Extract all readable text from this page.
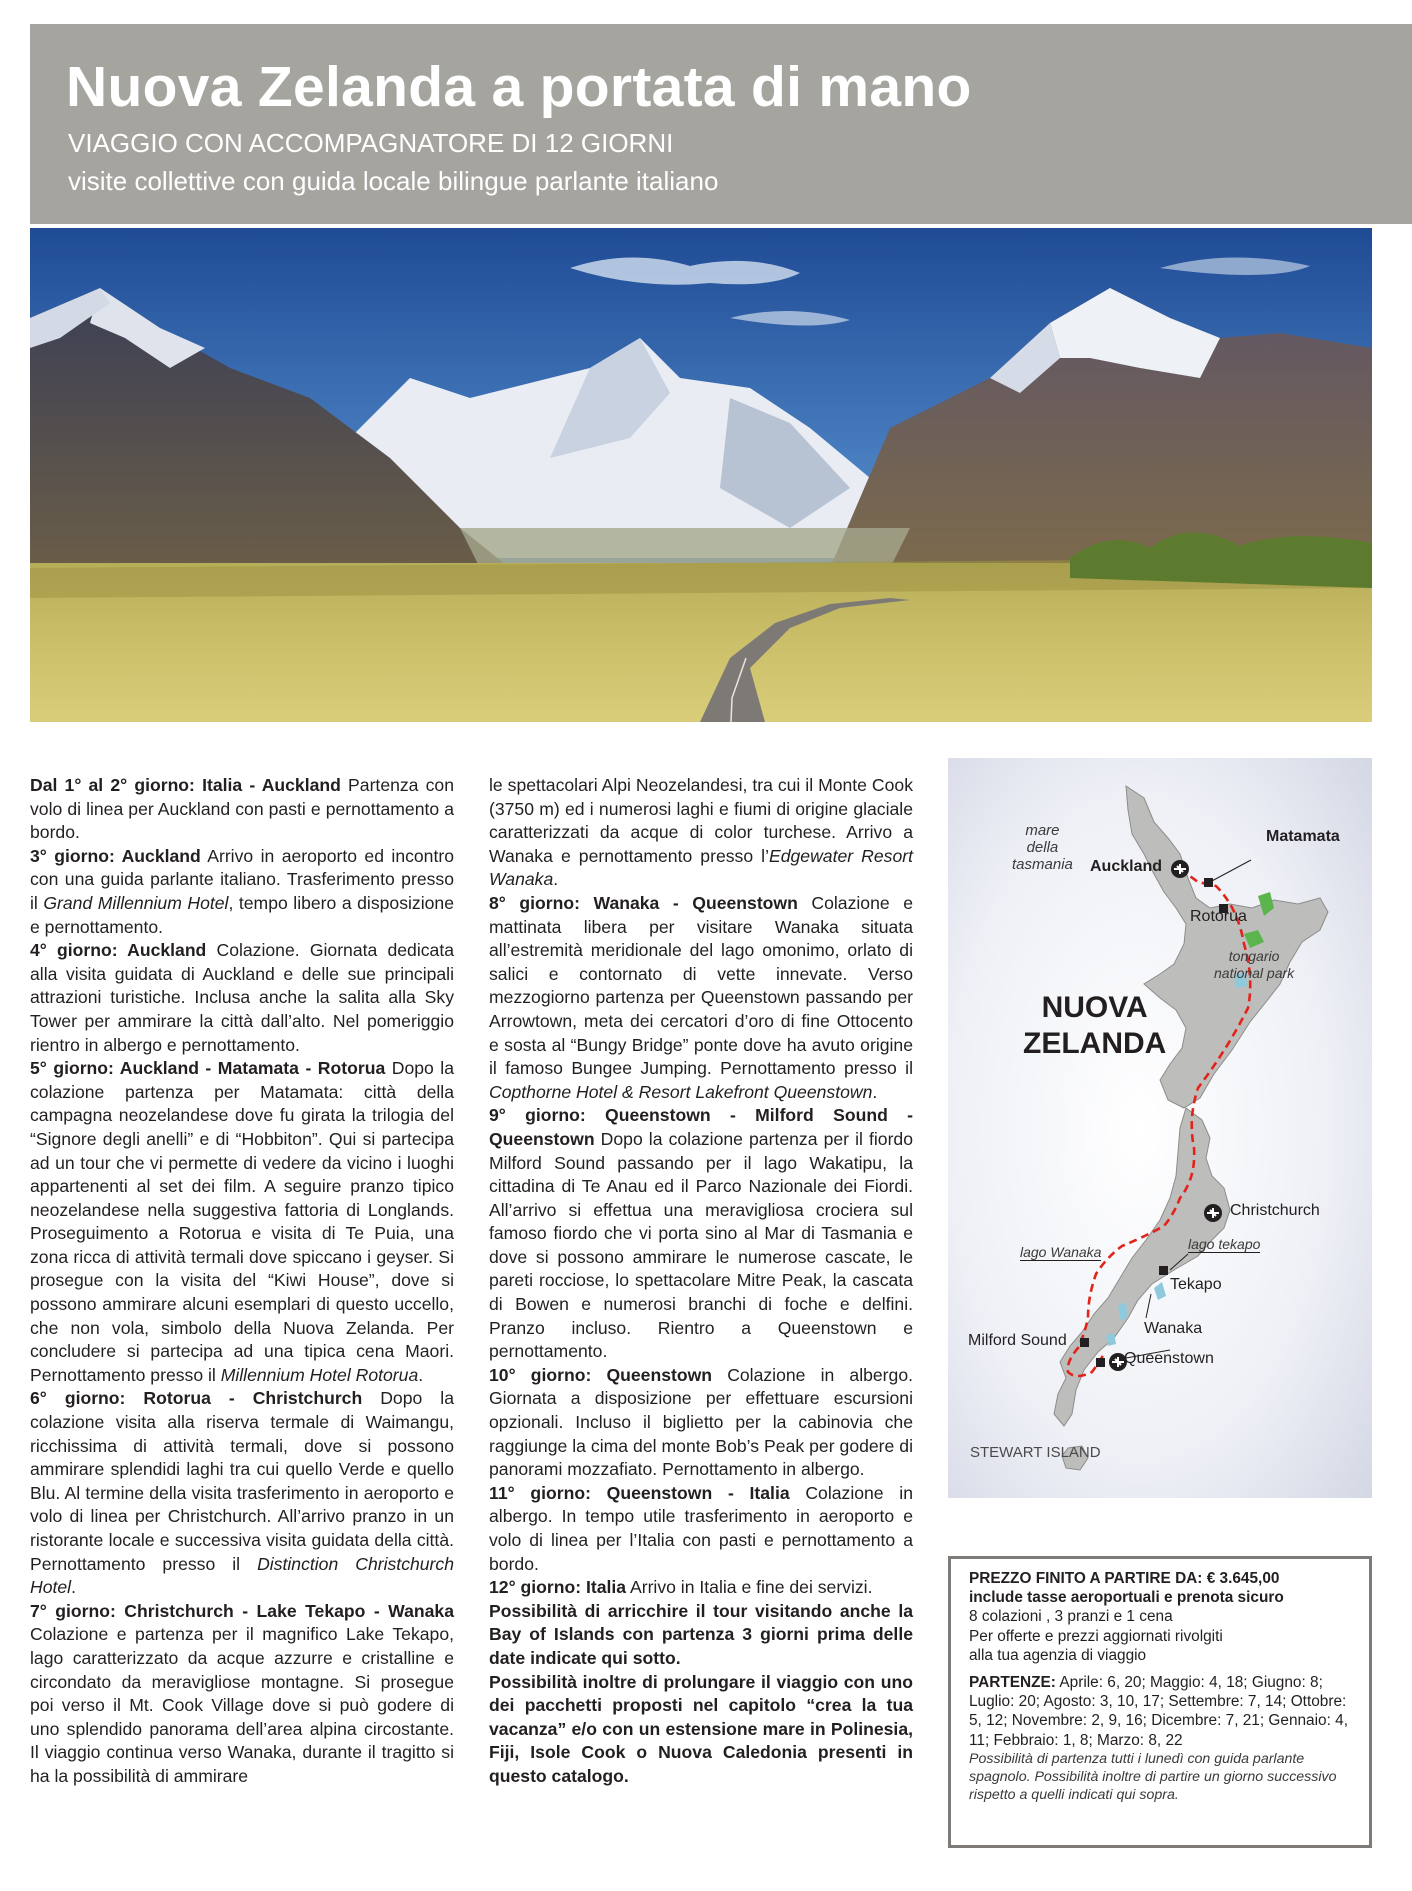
Nuova Zelanda a portata di mano
VIAGGIO CON ACCOMPAGNATORE DI 12 GIORNI
visite collettive con guida locale bilingue parlante italiano

Dal 1° al 2° giorno: Italia - Auckland Partenza con volo di linea per Auckland con pasti e pernottamento a bordo.

3° giorno: Auckland Arrivo in aeroporto ed incontro con una guida parlante italiano. Trasferimento presso il Grand Millennium Hotel, tempo libero a disposizione e pernottamento.

4° giorno: Auckland Colazione. Giornata dedicata alla visita guidata di Auckland e delle sue principali attrazioni turistiche. Inclusa anche la salita alla Sky Tower per ammirare la città dall’alto. Nel pomeriggio rientro in albergo e pernottamento.

5° giorno: Auckland - Matamata - Rotorua Dopo la colazione partenza per Matamata: città della campagna neozelandese dove fu girata la trilogia del “Signore degli anelli” e di “Hobbiton”. Qui si partecipa ad un tour che vi permette di vedere da vicino i luoghi appartenenti al set dei film. A seguire pranzo tipico neozelandese nella suggestiva fattoria di Longlands. Proseguimento a Rotorua e visita di Te Puia, una zona ricca di attività termali dove spiccano i geyser. Si prosegue con la visita del “Kiwi House”, dove si possono ammirare alcuni esemplari di questo uccello, che non vola, simbolo della Nuova Zelanda. Per concludere si partecipa ad una tipica cena Maori. Pernottamento presso il Millennium Hotel Rotorua.

6° giorno: Rotorua - Christchurch Dopo la colazione visita alla riserva termale di Waimangu, ricchissima di attività termali, dove si possono ammirare splendidi laghi tra cui quello Verde e quello Blu. Al termine della visita trasferimento in aeroporto e volo di linea per Christchurch. All’arrivo pranzo in un ristorante locale e successiva visita guidata della città. Pernottamento presso il Distinction Christchurch Hotel.

7° giorno: Christchurch - Lake Tekapo - Wanaka Colazione e partenza per il magnifico Lake Tekapo, lago caratterizzato da acque azzurre e cristalline e circondato da meravigliose montagne. Si prosegue poi verso il Mt. Cook Village dove si può godere di uno splendido panorama dell’area alpina circostante. Il viaggio continua verso Wanaka, durante il tragitto si ha la possibilità di ammirare

le spettacolari Alpi Neozelandesi, tra cui il Monte Cook (3750 m) ed i numerosi laghi e fiumi di origine glaciale caratterizzati da acque di color turchese. Arrivo a Wanaka e pernottamento presso l’Edgewater Resort Wanaka.

8° giorno: Wanaka - Queenstown Colazione e mattinata libera per visitare Wanaka situata all’estremità meridionale del lago omonimo, orlato di salici e contornato di vette innevate. Verso mezzogiorno partenza per Queenstown passando per Arrowtown, meta dei cercatori d’oro di fine Ottocento e sosta al “Bungy Bridge” ponte dove ha avuto origine il famoso Bungee Jumping. Pernottamento presso il Copthorne Hotel & Resort Lakefront Queenstown.

9° giorno: Queenstown - Milford Sound - Queenstown Dopo la colazione partenza per il fiordo Milford Sound passando per il lago Wakatipu, la cittadina di Te Anau ed il Parco Nazionale dei Fiordi. All’arrivo si effettua una meravigliosa crociera sul famoso fiordo che vi porta sino al Mar di Tasmania e dove si possono ammirare le numerose cascate, le pareti rocciose, lo spettacolare Mitre Peak, la cascata di Bowen e numerosi branchi di foche e delfini. Pranzo incluso. Rientro a Queenstown e pernottamento.

10° giorno: Queenstown Colazione in albergo. Giornata a disposizione per effettuare escursioni opzionali. Incluso il biglietto per la cabinovia che raggiunge la cima del monte Bob’s Peak per godere di panorami mozzafiato. Pernottamento in albergo.

11° giorno: Queenstown - Italia Colazione in albergo. In tempo utile trasferimento in aeroporto e volo di linea per l’Italia con pasti e pernottamento a bordo.

12° giorno: Italia Arrivo in Italia e fine dei servizi.

Possibilità di arricchire il tour visitando anche la Bay of Islands con partenza 3 giorni prima delle date indicate qui sotto.

Possibilità inoltre di prolungare il viaggio con uno dei pacchetti proposti nel capitolo “crea la tua vacanza” e/o con un estensione mare in Polinesia, Fiji, Isole Cook o Nuova Caledonia presenti in questo catalogo.

NUOVA
ZELANDA
mare
della
tasmania Auckland
Matamata
Rotorua
tongario
national park
Christchurch
lago tekapo
lago Wanaka
Tekapo
Wanaka
Milford Sound
Queenstown
STEWART ISLAND

PREZZO FINITO A PARTIRE DA: € 3.645,00

include tasse aeroportuali e prenota sicuro

8 colazioni , 3 pranzi e 1 cena

Per offerte e prezzi aggiornati rivolgiti

alla tua agenzia di viaggio

PARTENZE: Aprile: 6, 20; Maggio: 4, 18; Giugno: 8; Luglio: 20; Agosto: 3, 10, 17; Settembre: 7, 14; Ottobre: 5, 12; Novembre: 2, 9, 16; Dicembre: 7, 21; Gennaio: 4, 11; Febbraio: 1, 8; Marzo: 8, 22

Possibilità di partenza tutti i lunedì con guida parlante spagnolo. Possibilità inoltre di partire un giorno successivo rispetto a quelli indicati qui sopra.
